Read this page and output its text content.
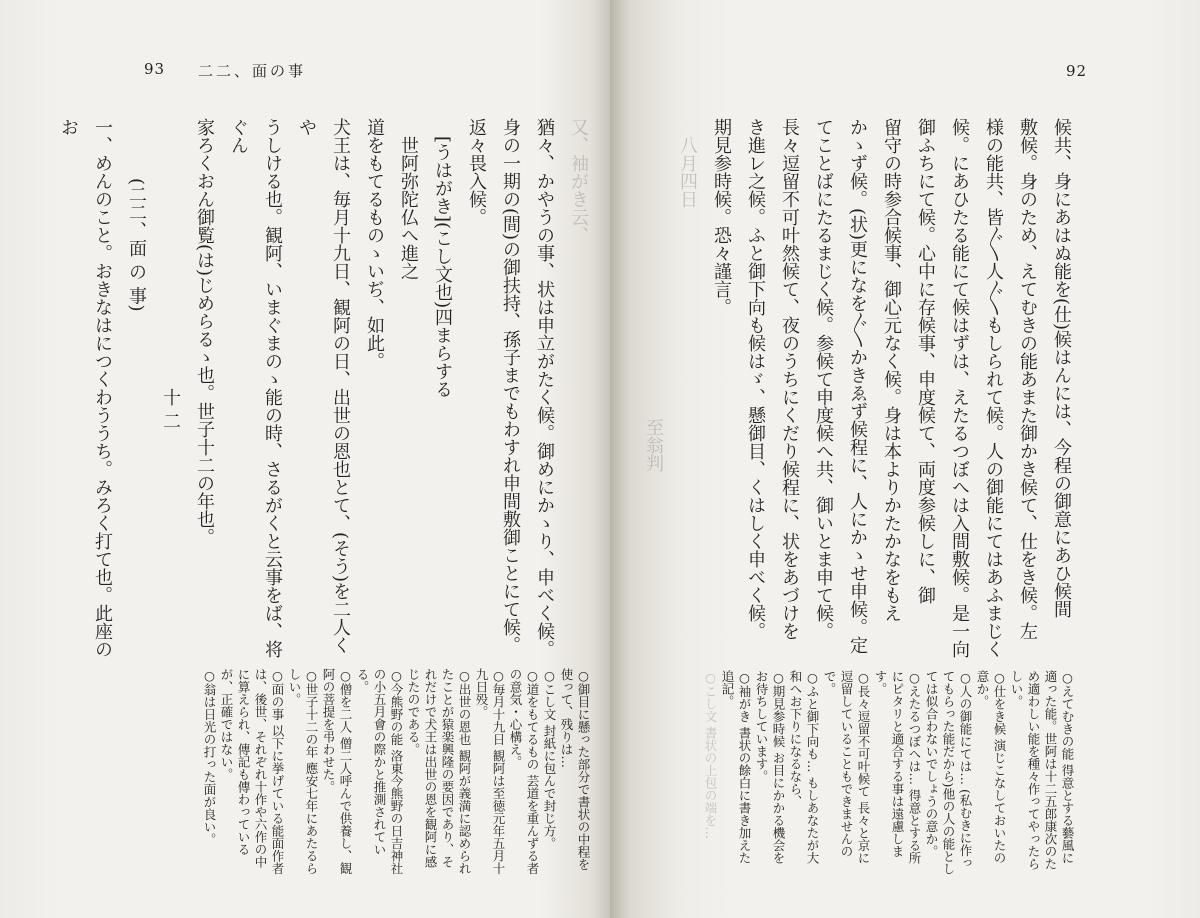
93 二二、面の事
又、袖がき云、
猶々、かやうの事、状は申立がたく候。御めにかゝり、申べく候。
身の一期の(間)の御扶持、孫子までもわすれ申間敷御ことにて候。
返々畏入候。
[うはがき](こし文也)四まらする
世阿弥陀仏へ進之
道をもてるものゝいぢ、如此。
犬王は、毎月十九日、観阿の日、出世の恩也とて、(そう)を二人くや
うしける也。観阿、いまぐまのゝ能の時、さるがくと云事をば、将ぐん
家ろくおん御覧(は)じめらるゝ也。世子十二の年也。
十 二
(二二、面 の 事)
一、めんのこと。おきなはにつくわううち。みろく打て也。此座のお

○御目に懸った部分で書状の中程を使って、残りは…

○こし文 封紙に包んで封じ方。

○道をもてるもの 芸道を重んずる者の意気・心構え。

○毎月十九日 観阿は至徳元年五月十九日殁。

○出世の恩也 観阿が義満に認められたことが猿楽興隆の要因であり、それだけで犬王は出世の恩を観阿に感じたのである。

○今熊野の能 洛東今熊野の日吉神社の小五月會の際かと推測されている。

○僧を二人 僧二人呼んで供養し、観阿の菩提を弔わせた。

○世子十二の年 應安七年にあたるらしい。

○面の事 以下に挙げている能面作者は、後世、それぞれ十作や六作の中に算えられ、傳記も傳わっているが、正確ではない。

○翁は日光の打った面が良い。

92
候共、身にあはぬ能を(仕)候はんには、今程の御意にあひ候間
敷候。身のため、えてむきの能あまた御かき候て、仕をき候。左
様の能共、皆〲人〲もしられて候。人の御能にてはあふまじく
候。にあひたる能にて候はずは、えたるつぼへは入間敷候。是一向
御ふちにて候。心中に存候事、申度候て、両度参候しに、御
留守の時参合候事、御心元なく候。身は本よりかたかなをもえ
かゝず候。(状)更になを〲かきゑず候程に、人にかゝせ申候。定
てことばにたるまじく候。参候て申度候へ共、御いとま申て候。
長々逗留不可叶然候て、夜のうちにくだり候程に、状をあづけを
き進レ之候。ふと御下向も候はゞ、懸御目、くはしく申べく候。
期見参時候。恐々謹言。
八月四日
至翁判

○えてむきの能 得意とする藝風に適った能。世阿は十二五郎康次のため適わしい能を種々作ってやったらしい。

○仕をき候 演じこなしておいたの意か。

○人の御能にては… (私むきに作ってもらった能だから)他の人の能としては似合わないでしょうの意か。

○えたるつぼへは… 得意とする所にピタリと適合する事は遠慮します。

○長々逗留不可叶候て 長々と京に逗留していることもできませんので。

○ふと御下向も… もしあなたが大和へお下りになるなら、

○期見参時候 お目にかかる機会をお待ちしています。

○袖がき 書状の餘白に書き加えた追記。

○こし文 書状の上包の端を…
